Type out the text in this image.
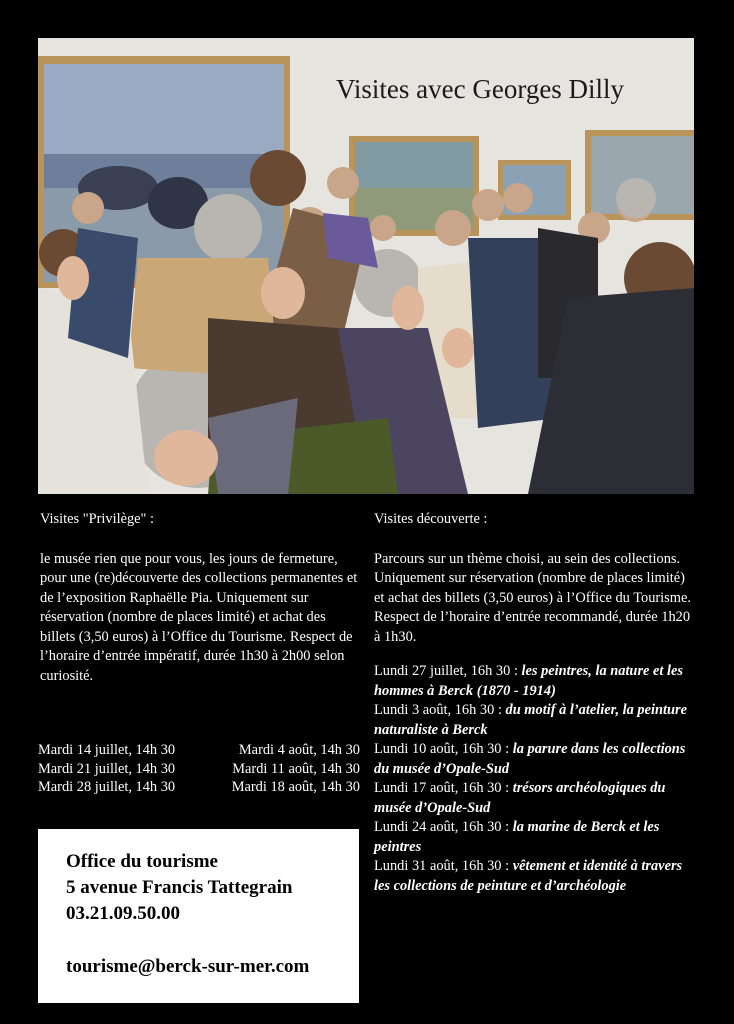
Visites avec Georges Dilly

Visites "Privilège" :

le musée rien que pour vous, les jours de fermeture, pour une (re)découverte des collections permanentes et de l’exposition Raphaëlle Pia. Uniquement sur réservation (nombre de places limité) et achat des billets (3,50 euros) à l’Office du Tourisme. Respect de l’horaire d’entrée impératif, durée 1h30 à 2h00 selon curiosité.

Mardi 14 juillet, 14h 30	Mardi 4 août, 14h 30
Mardi 21 juillet, 14h 30	Mardi 11 août, 14h 30
Mardi 28 juillet, 14h 30	Mardi 18 août, 14h 30

Visites découverte :

Parcours sur un thème choisi, au sein des collections.

Uniquement sur réservation (nombre de places limité) et achat des billets (3,50 euros) à l’Office du Tourisme. Respect de l’horaire d’entrée recommandé, durée 1h20 à 1h30.

Lundi 27 juillet, 16h 30 : les peintres, la nature et les hommes à Berck (1870 - 1914)

Lundi 3 août, 16h 30 : du motif à l’atelier, la peinture naturaliste à Berck

Lundi 10 août, 16h 30 : la parure dans les collections du musée d’Opale-Sud

Lundi 17 août, 16h 30 : trésors archéologiques du musée d’Opale-Sud

Lundi 24 août, 16h 30 : la marine de Berck et les peintres

Lundi 31 août, 16h 30 : vêtement et identité à travers les collections de peinture et d’archéologie

Office du tourisme
5 avenue Francis Tattegrain
03.21.09.50.00
tourisme@berck-sur-mer.com
